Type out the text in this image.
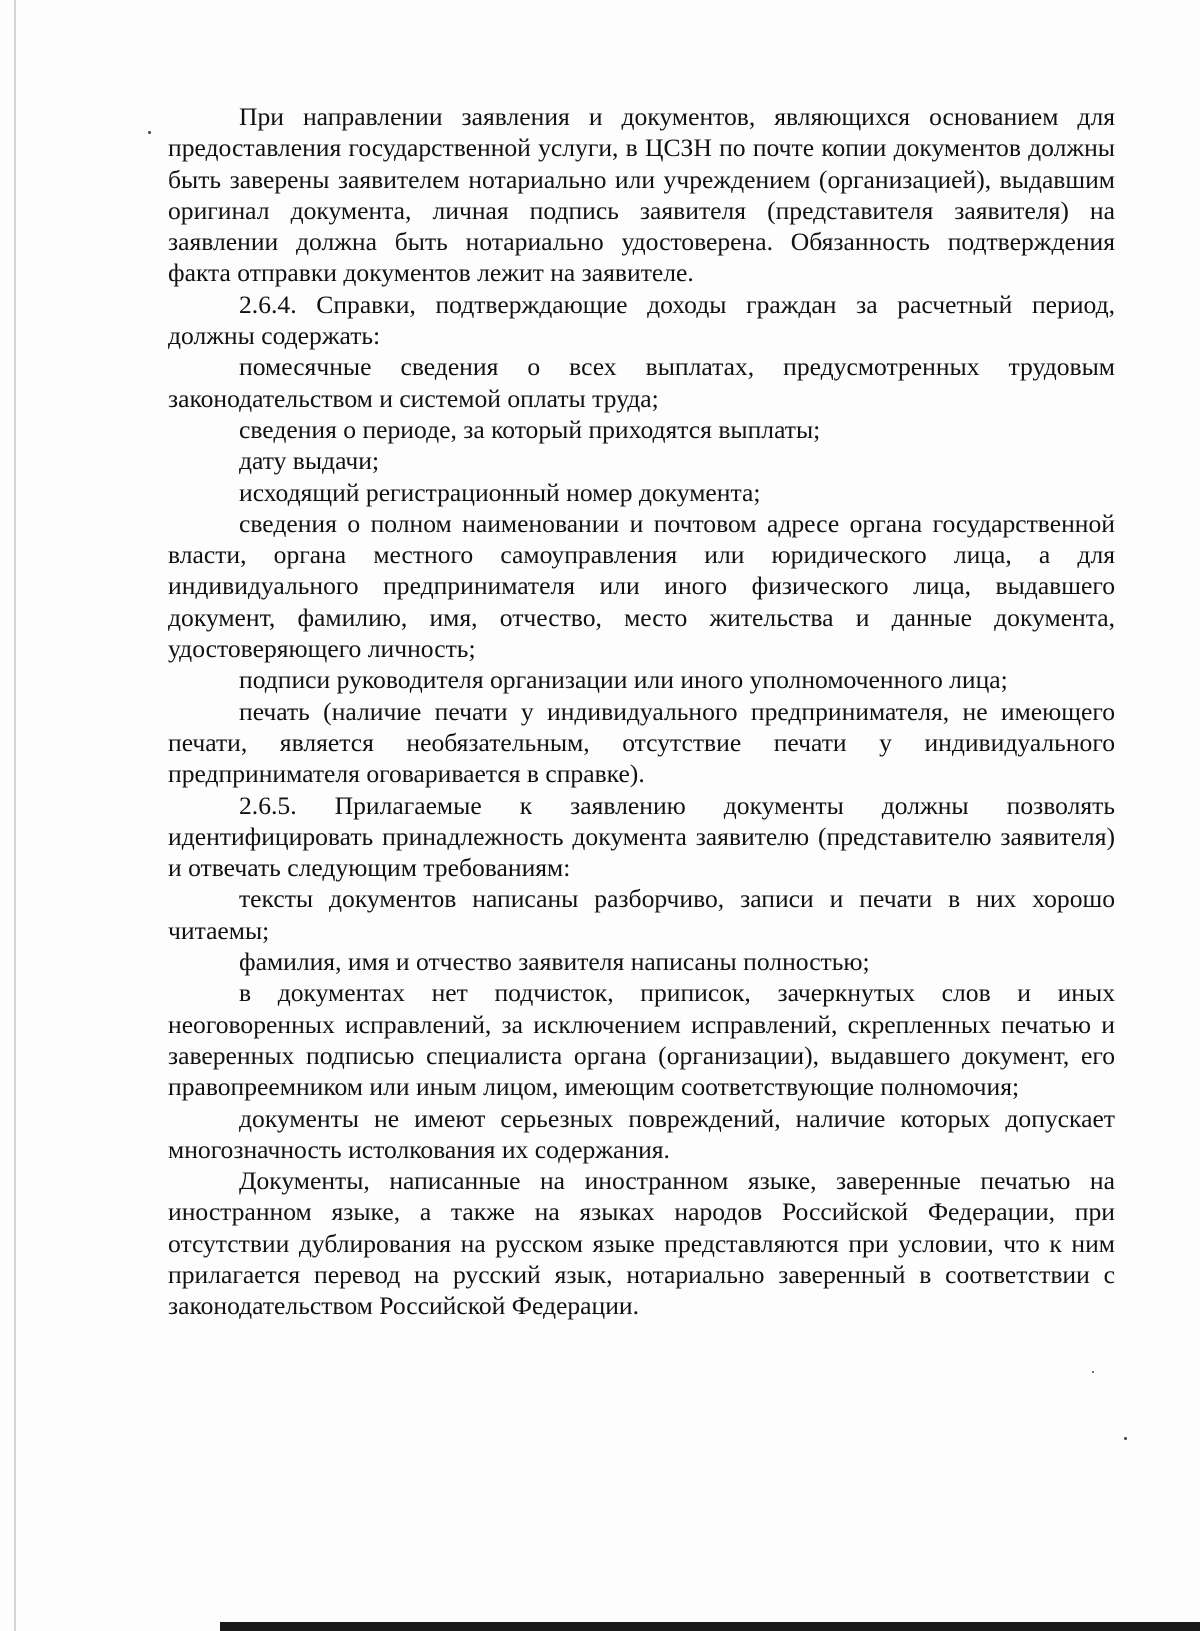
При направлении заявления и документов, являющихся основанием для предоставления государственной услуги, в ЦСЗН по почте копии документов должны быть заверены заявителем нотариально или учреждением (организацией), выдавшим оригинал документа, личная подпись заявителя (представителя заявителя) на заявлении должна быть нотариально удостоверена. Обязанность подтверждения факта отправки документов лежит на заявителе.

2.6.4. Справки, подтверждающие доходы граждан за расчетный период, должны содержать:

помесячные сведения о всех выплатах, предусмотренных трудовым законодательством и системой оплаты труда;

сведения о периоде, за который приходятся выплаты;

дату выдачи;

исходящий регистрационный номер документа;

сведения о полном наименовании и почтовом адресе органа государственной власти, органа местного самоуправления или юридического лица, а для индивидуального предпринимателя или иного физического лица, выдавшего документ, фамилию, имя, отчество, место жительства и данные документа, удостоверяющего личность;

подписи руководителя организации или иного уполномоченного лица;

печать (наличие печати у индивидуального предпринимателя, не имеющего печати, является необязательным, отсутствие печати у индивидуального предпринимателя оговаривается в справке).

2.6.5. Прилагаемые к заявлению документы должны позволять идентифицировать принадлежность документа заявителю (представителю заявителя) и отвечать следующим требованиям:

тексты документов написаны разборчиво, записи и печати в них хорошо читаемы;

фамилия, имя и отчество заявителя написаны полностью;

в документах нет подчисток, приписок, зачеркнутых слов и иных неоговоренных исправлений, за исключением исправлений, скрепленных печатью и заверенных подписью специалиста органа (организации), выдавшего документ, его правопреемником или иным лицом, имеющим соответствующие полномочия;

документы не имеют серьезных повреждений, наличие которых допускает многозначность истолкования их содержания.

Документы, написанные на иностранном языке, заверенные печатью на иностранном языке, а также на языках народов Российской Федерации, при отсутствии дублирования на русском языке представляются при условии, что к ним прилагается перевод на русский язык, нотариально заверенный в соответствии с законодательством Российской Федерации.
